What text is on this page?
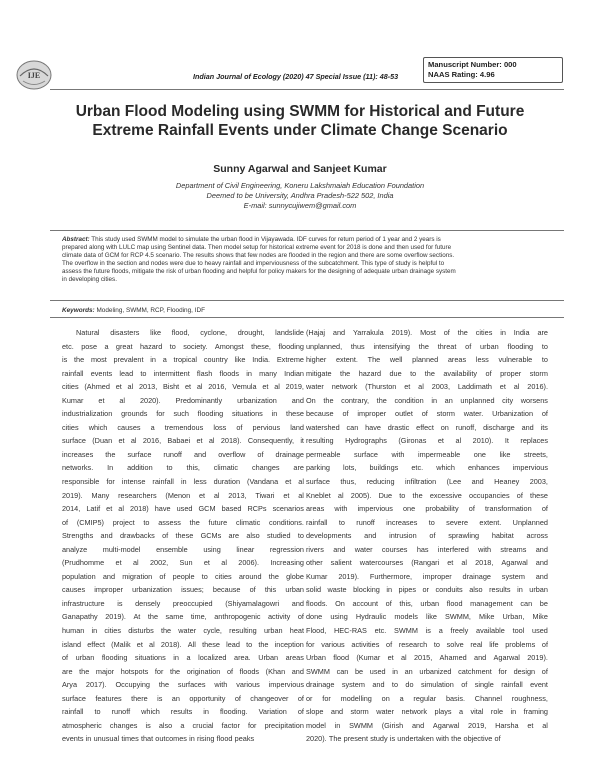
IJE	Indian Journal of Ecology (2020) 47 Special Issue (11): 48-53
Manuscript Number: 000
NAAS Rating: 4.96
Urban Flood Modeling using SWMM for Historical and Future
Extreme Rainfall Events under Climate Change Scenario
Sunny Agarwal and Sanjeet Kumar
Department of Civil Engineering, Koneru Lakshmaiah Education Foundation
Deemed to be University, Andhra Pradesh-522 502, India
E-mail: sunnycujiwem@gmail.com
Abstract: This study used SWMM model to simulate the urban flood in Vijayawada. IDF curves for return period of 1 year and 2 years is
prepared along with LULC map using Sentinel data. Then model setup for historical extreme event for 2018 is done and then used for future
climate data of GCM for RCP 4.5 scenario. The results shows that few nodes are flooded in the region and there are some overflow sections.
The overflow in the section and nodes were due to heavy rainfall and imperviousness of the subcatchment. This type of study is helpful to
assess the future floods, mitigate the risk of urban flooding and helpful for policy makers for the designing of adequate urban drainage system
in developing cities.
Keywords: Modeling, SWMM, RCP, Flooding, IDF
Natural disasters like flood, cyclone, drought, landslide
etc. pose a great hazard to society. Amongst these, flooding
is the most prevalent in a tropical country like India. Extreme
rainfall events lead to intermittent flash floods in many Indian
cities (Ahmed et al 2013, Bisht et al 2016, Vemula et al 2019,
Kumar et al 2020). Predominantly urbanization and
industrialization grounds for such flooding situations in these
cities which causes a tremendous loss of pervious land
surface (Duan et al 2016, Babaei et al 2018). Consequently, it
increases the surface runoff and overflow of drainage
networks. In addition to this, climatic changes are
responsible for intense rainfall in less duration (Vandana et al
2019). Many researchers (Menon et al 2013, Tiwari et al
2014, Latif et al 2018) have used GCM based RCPs scenarios
of (CMIP5) project to assess the future climatic conditions.
Strengths and drawbacks of these GCMs are also studied to
analyze multi-model ensemble using linear regression
(Prudhomme et al 2002, Sun et al 2006). Increasing
population and migration of people to cities around the globe
causes improper urbanization issues; because of this urban
infrastructure is densely preoccupied (Shiyamalagowri and
Ganapathy 2019). At the same time, anthropogenic activity of
human in cities disturbs the water cycle, resulting urban heat
island effect (Malik et al 2018). All these lead to the inception
of urban flooding situations in a localized area. Urban areas
are the major hotspots for the origination of floods (Khan and
Arya 2017). Occupying the surfaces with various impervious
surface features there is an opportunity of changeover of
rainfall to runoff which results in flooding. Variation of
atmospheric changes is also a crucial factor for precipitation
events in unusual times that outcomes in rising flood peaks
(Hajaj and Yarrakula 2019). Most of the cities in India are
unplanned, thus intensifying the threat of urban flooding to
higher extent. The well planned areas less vulnerable to
mitigate the hazard due to the availability of proper storm
water network (Thurston et al 2003, Laddimath et al 2016).
On the contrary, the condition in an unplanned city worsens
because of improper outlet of storm water. Urbanization of
watershed can have drastic effect on runoff, discharge and its
resulting Hydrographs (Gironas et al 2010). It replaces
permeable surface with impermeable one like streets,
parking lots, buildings etc. which enhances impervious
surface thus, reducing infiltration (Lee and Heaney 2003,
Kneblet al 2005). Due to the excessive occupancies of these
areas with impervious one probability of transformation of
rainfall to runoff increases to severe extent. Unplanned
developments and intrusion of sprawling habitat across
rivers and water courses has interfered with streams and
other salient watercourses (Rangari et al 2018, Agarwal and
Kumar 2019). Furthermore, improper drainage system and
solid waste blocking in pipes or conduits also results in urban
floods. On account of this, urban flood management can be
done using Hydraulic models like SWMM, Mike Urban, Mike
Flood, HEC-RAS etc. SWMM is a freely available tool used
for various activities of research to solve real life problems of
Urban flood (Kumar et al 2015, Ahamed and Agarwal 2019).
SWMM can be used in an urbanized catchment for design of
drainage system and to do simulation of single rainfall event
or for modelling on a regular basis. Channel roughness,
slope and storm water network plays a vital role in framing
model in SWMM (Girish and Agarwal 2019, Harsha et al
2020). The present study is undertaken with the objective of
